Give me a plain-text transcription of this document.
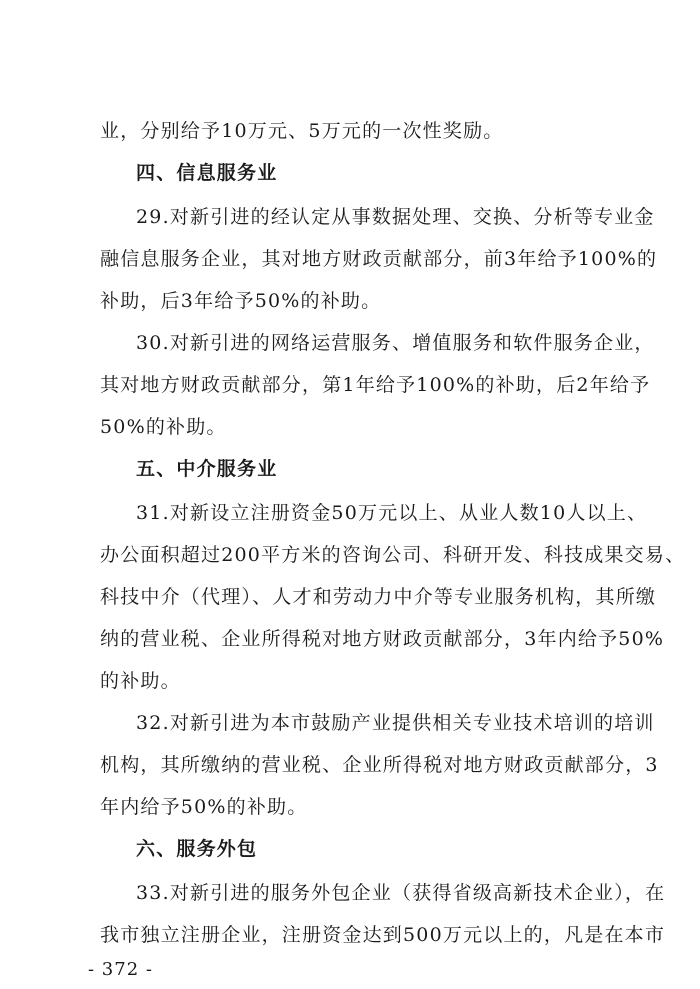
业，分别给予10万元、5万元的一次性奖励。
四、信息服务业
29.对新引进的经认定从事数据处理、交换、分析等专业金
融信息服务企业，其对地方财政贡献部分，前3年给予100%的
补助，后3年给予50%的补助。
30.对新引进的网络运营服务、增值服务和软件服务企业，
其对地方财政贡献部分，第1年给予100%的补助，后2年给予
50%的补助。
五、中介服务业
31.对新设立注册资金50万元以上、从业人数10人以上、
办公面积超过200平方米的咨询公司、科研开发、科技成果交易、
科技中介（代理）、人才和劳动力中介等专业服务机构，其所缴
纳的营业税、企业所得税对地方财政贡献部分，3年内给予50%
的补助。
32.对新引进为本市鼓励产业提供相关专业技术培训的培训
机构，其所缴纳的营业税、企业所得税对地方财政贡献部分，3
年内给予50%的补助。
六、服务外包
33.对新引进的服务外包企业（获得省级高新技术企业），在
我市独立注册企业，注册资金达到500万元以上的，凡是在本市
- 372 -
